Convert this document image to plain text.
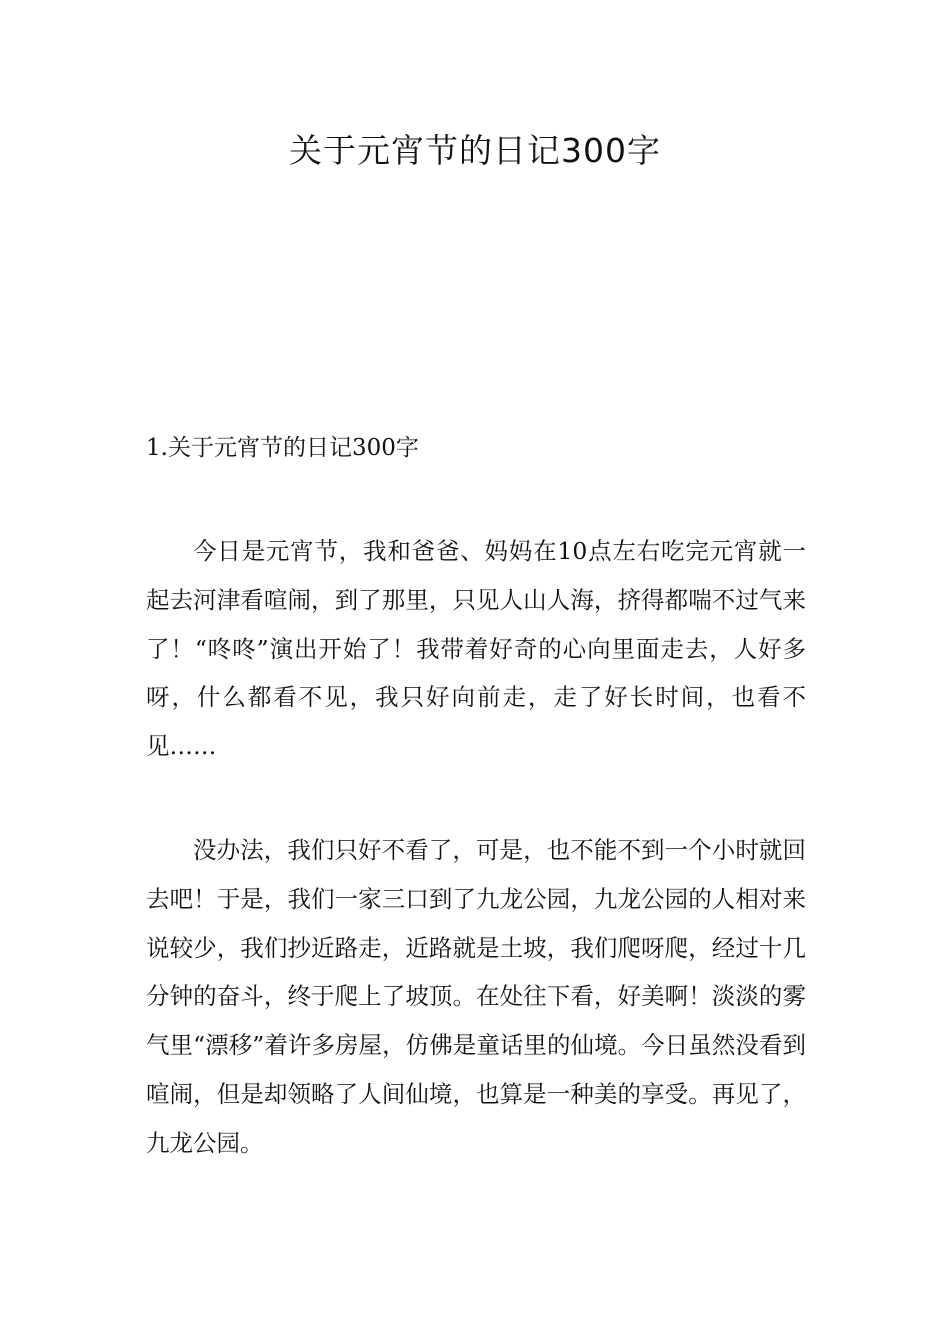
关于元宵节的日记300字

1.关于元宵节的日记300字

今日是元宵节，我和爸爸、妈妈在10点左右吃完元宵就一起去河津看喧闹，到了那里，只见人山人海，挤得都喘不过气来了！“咚咚”演出开始了！我带着好奇的心向里面走去，人好多呀，什么都看不见，我只好向前走，走了好长时间，也看不见……

没办法，我们只好不看了，可是，也不能不到一个小时就回去吧！于是，我们一家三口到了九龙公园，九龙公园的人相对来说较少，我们抄近路走，近路就是土坡，我们爬呀爬，经过十几分钟的奋斗，终于爬上了坡顶。在处往下看，好美啊！淡淡的雾气里“漂移”着许多房屋，仿佛是童话里的仙境。今日虽然没看到喧闹，但是却领略了人间仙境，也算是一种美的享受。再见了，九龙公园。
